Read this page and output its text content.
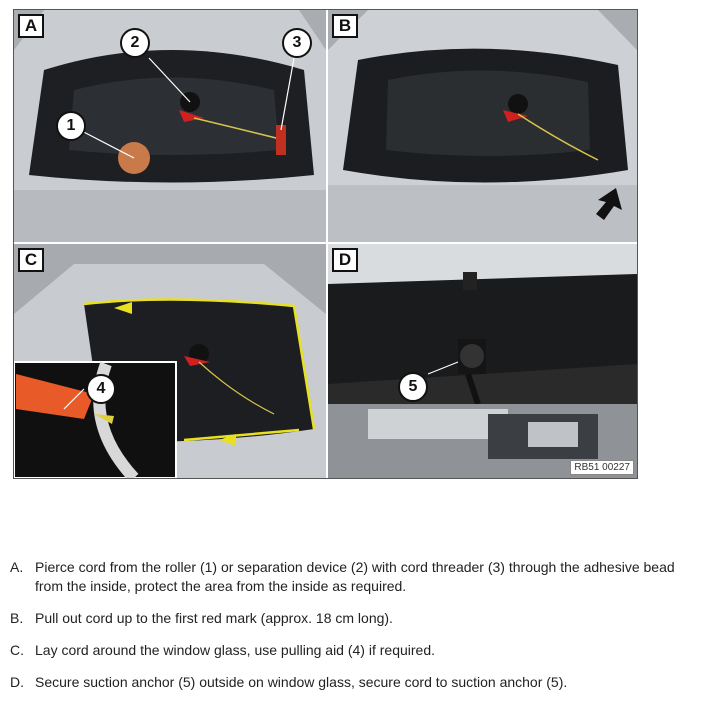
A
1
2	3
B
C
4
D
5
RB51 00227
A. Pierce cord from the roller (1) or separation device (2) with cord threader (3) through the adhesive bead from the inside, protect the area from the inside as required.
B. Pull out cord up to the first red mark (approx. 18 cm long).
C. Lay cord around the window glass, use pulling aid (4) if required.
D. Secure suction anchor (5) outside on window glass, secure cord to suction anchor (5).
